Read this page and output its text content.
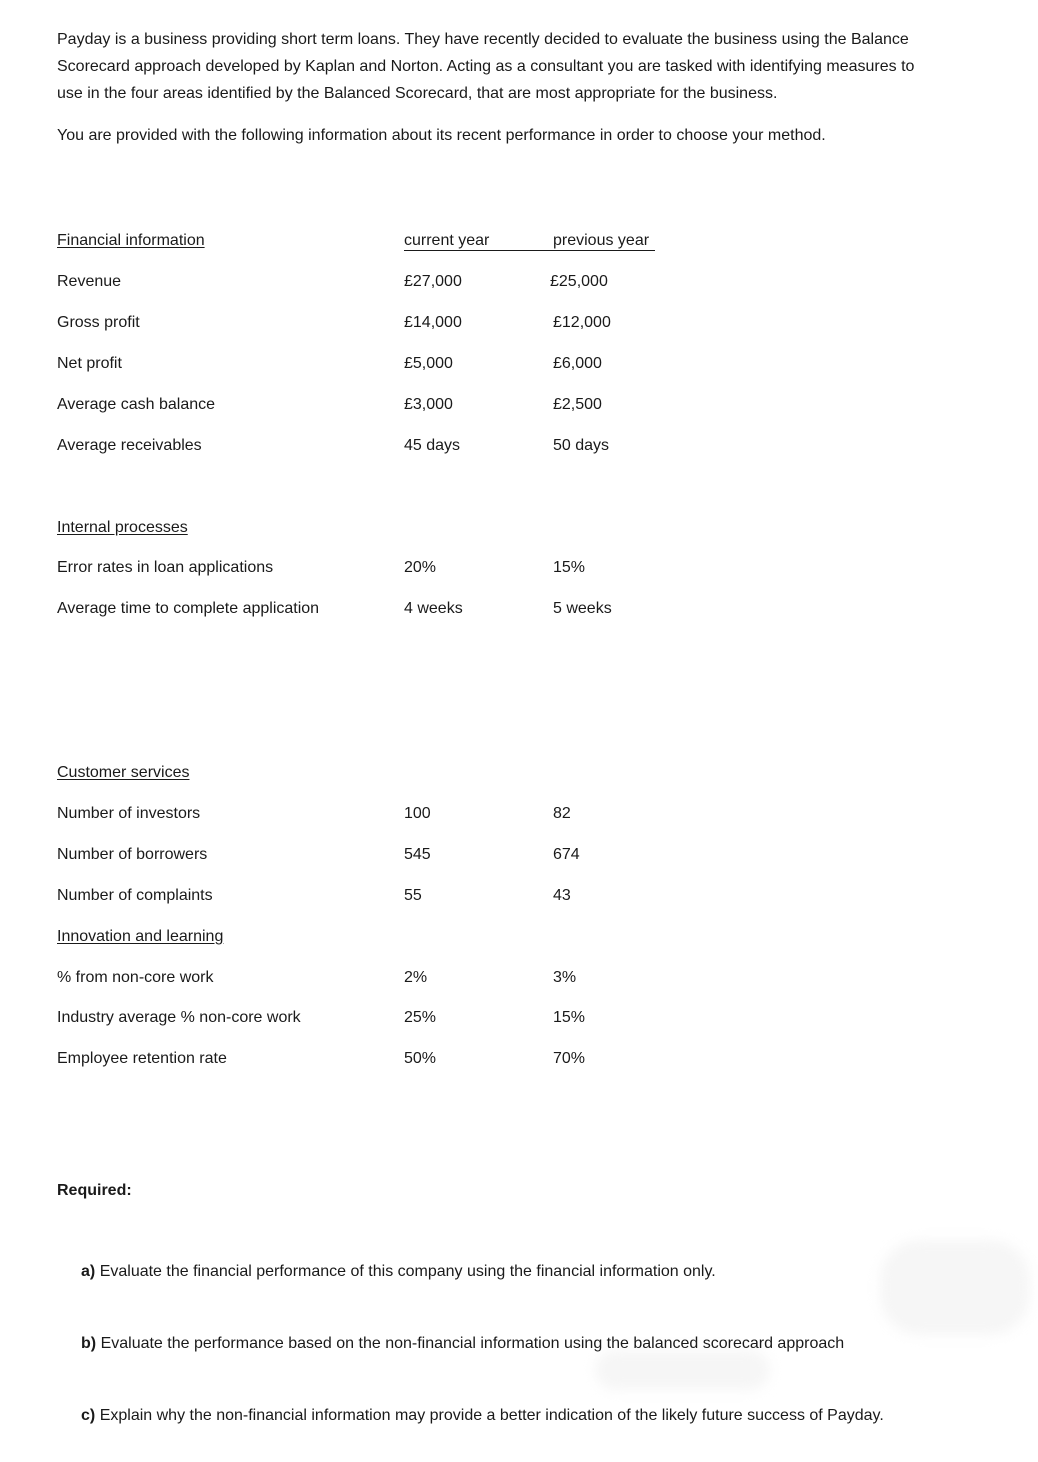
Payday is a business providing short term loans. They have recently decided to evaluate the business using the Balance
Scorecard approach developed by Kaplan and Norton. Acting as a consultant you are tasked with identifying measures to
use in the four areas identified by the Balanced Scorecard, that are most appropriate for the business.
You are provided with the following information about its recent performance in order to choose your method.
Financial information	current year	previous year
Revenue	£27,000	£25,000
Gross profit	£14,000	£12,000
Net profit	£5,000	£6,000
Average cash balance	£3,000	£2,500
Average receivables	45 days	50 days
Internal processes
Error rates in loan applications	20%	15%
Average time to complete application	4 weeks	5 weeks
Customer services
Number of investors	100	82
Number of borrowers	545	674
Number of complaints	55	43
Innovation and learning
% from non-core work	2%	3%
Industry average % non-core work	25%	15%
Employee retention rate	50%	70%
Required:
a) Evaluate the financial performance of this company using the financial information only.
b) Evaluate the performance based on the non-financial information using the balanced scorecard approach
c) Explain why the non-financial information may provide a better indication of the likely future success of Payday.
